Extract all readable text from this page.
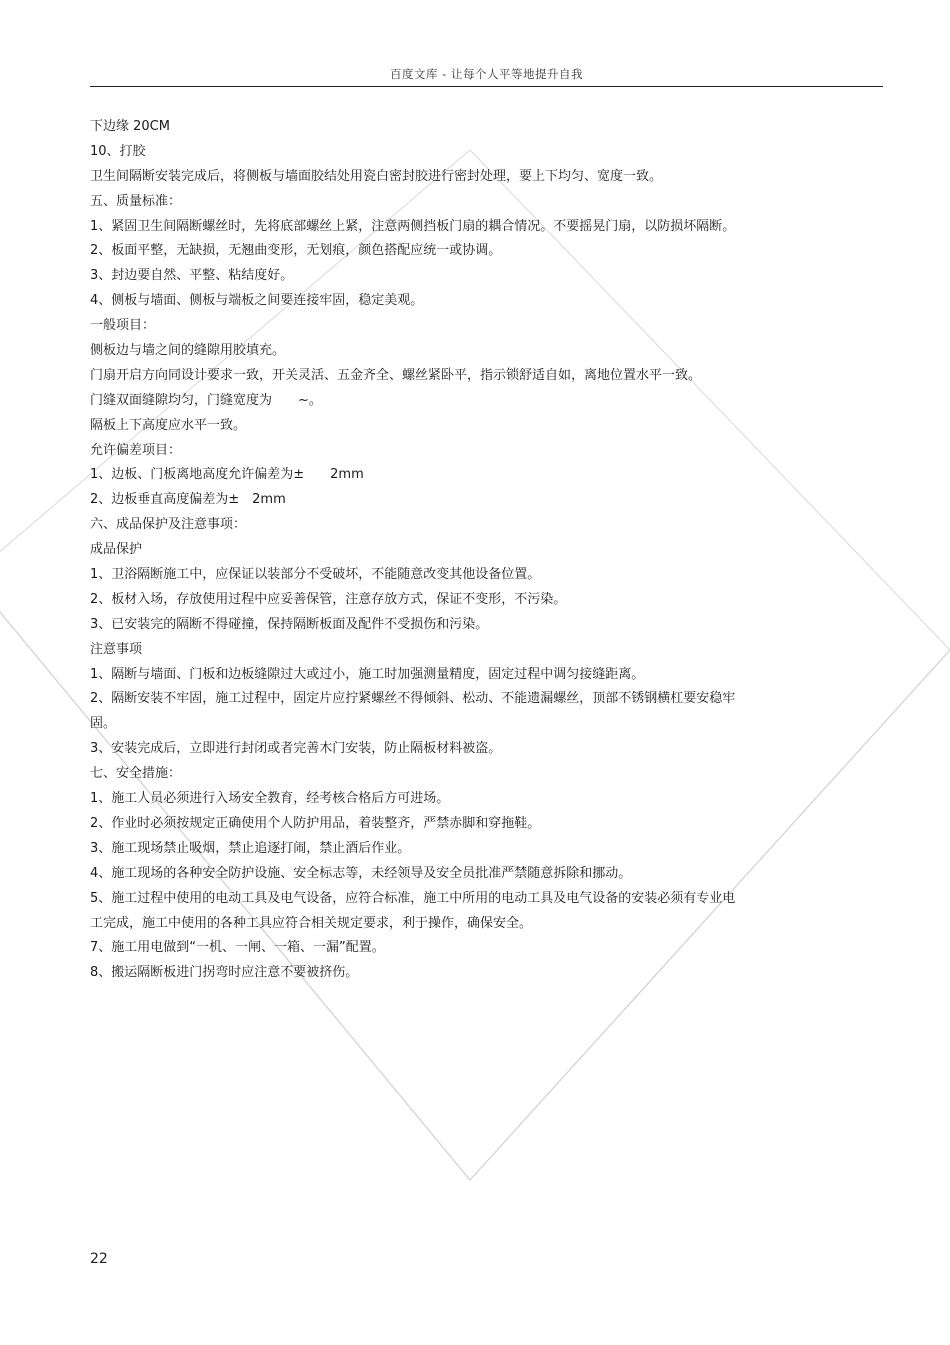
百度文库 - 让每个人平等地提升自我
下边缘 20CM
10、打胶
卫生间隔断安装完成后，将侧板与墙面胶结处用瓷白密封胶进行密封处理，要上下均匀、宽度一致。
五、质量标准：
1、紧固卫生间隔断螺丝时，先将底部螺丝上紧，注意两侧挡板门扇的耦合情况。不要摇晃门扇，以防损坏隔断。
2、板面平整，无缺损，无翘曲变形，无划痕，颜色搭配应统一或协调。
3、封边要自然、平整、粘结度好。
4、侧板与墙面、侧板与端板之间要连接牢固，稳定美观。
一般项目：
侧板边与墙之间的缝隙用胶填充。
门扇开启方向同设计要求一致，开关灵活、五金齐全、螺丝紧卧平，指示锁舒适自如，离地位置水平一致。
门缝双面缝隙均匀，门缝宽度为　　~。
隔板上下高度应水平一致。
允许偏差项目：
1、边板、门板离地高度允许偏差为±　　2mm
2、边板垂直高度偏差为±　2mm
六、成品保护及注意事项：
成品保护
1、卫浴隔断施工中，应保证以装部分不受破坏，不能随意改变其他设备位置。
2、板材入场，存放使用过程中应妥善保管，注意存放方式，保证不变形，不污染。
3、已安装完的隔断不得碰撞，保持隔断板面及配件不受损伤和污染。
注意事项
1、隔断与墙面、门板和边板缝隙过大或过小，施工时加强测量精度，固定过程中调匀接缝距离。
2、隔断安装不牢固，施工过程中，固定片应拧紧螺丝不得倾斜、松动、不能遗漏螺丝，顶部不锈钢横杠要安稳牢
固。
3、安装完成后，立即进行封闭或者完善木门安装，防止隔板材料被盗。
七、安全措施：
1、施工人员必须进行入场安全教育，经考核合格后方可进场。
2、作业时必须按规定正确使用个人防护用品，着装整齐，严禁赤脚和穿拖鞋。
3、施工现场禁止吸烟，禁止追逐打闹，禁止酒后作业。
4、施工现场的各种安全防护设施、安全标志等，未经领导及安全员批准严禁随意拆除和挪动。
5、施工过程中使用的电动工具及电气设备，应符合标准，施工中所用的电动工具及电气设备的安装必须有专业电
工完成，施工中使用的各种工具应符合相关规定要求，利于操作，确保安全。
7、施工用电做到“一机、一闸、一箱、一漏”配置。
8、搬运隔断板进门拐弯时应注意不要被挤伤。
22
